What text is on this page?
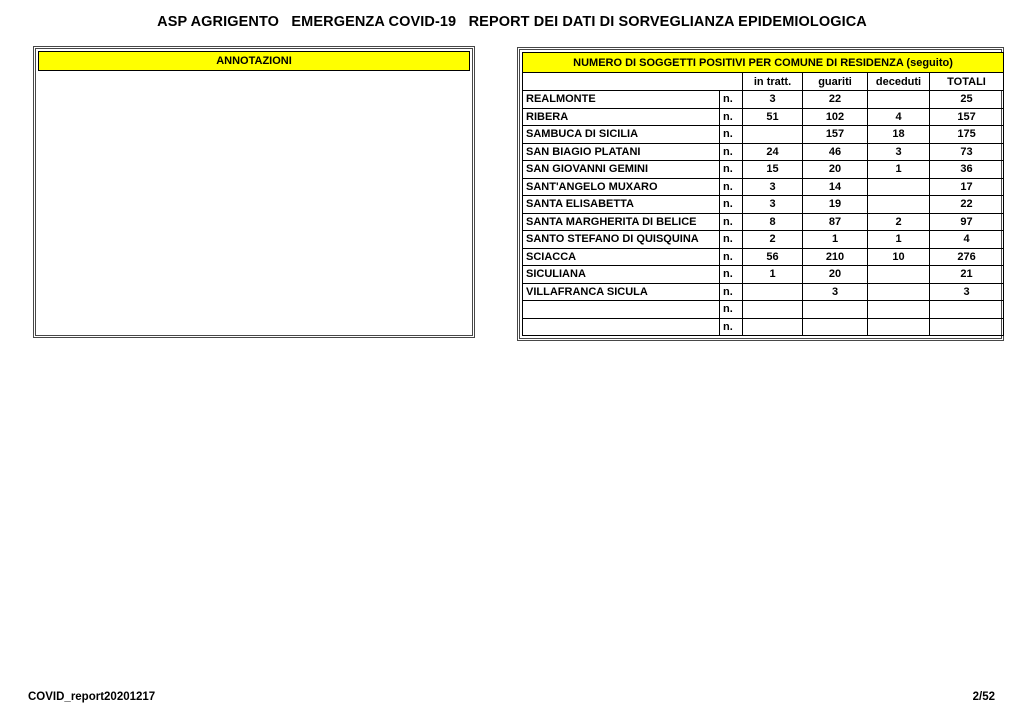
ASP AGRIGENTO   EMERGENZA COVID-19   REPORT DEI DATI DI SORVEGLIANZA EPIDEMIOLOGICA
ANNOTAZIONI	NUMERO DI SOGGETTI POSITIVI PER COMUNE DI RESIDENZA (seguito)					
		in tratt.	guariti	deceduti	TOTALI
REALMONTE	n.	3	22		25
RIBERA	n.	51	102	4	157
SAMBUCA DI SICILIA	n.		157	18	175
SAN BIAGIO PLATANI	n.	24	46	3	73
SAN GIOVANNI GEMINI	n.	15	20	1	36
SANT'ANGELO MUXARO	n.	3	14		17
SANTA ELISABETTA	n.	3	19		22
SANTA MARGHERITA DI BELICE	n.	8	87	2	97
SANTO STEFANO DI QUISQUINA	n.	2	1	1	4
SCIACCA	n.	56	210	10	276
SICULIANA	n.	1	20		21
VILLAFRANCA SICULA	n.		3		3
	n.				
	n.				
COVID_report20201217	2/52
